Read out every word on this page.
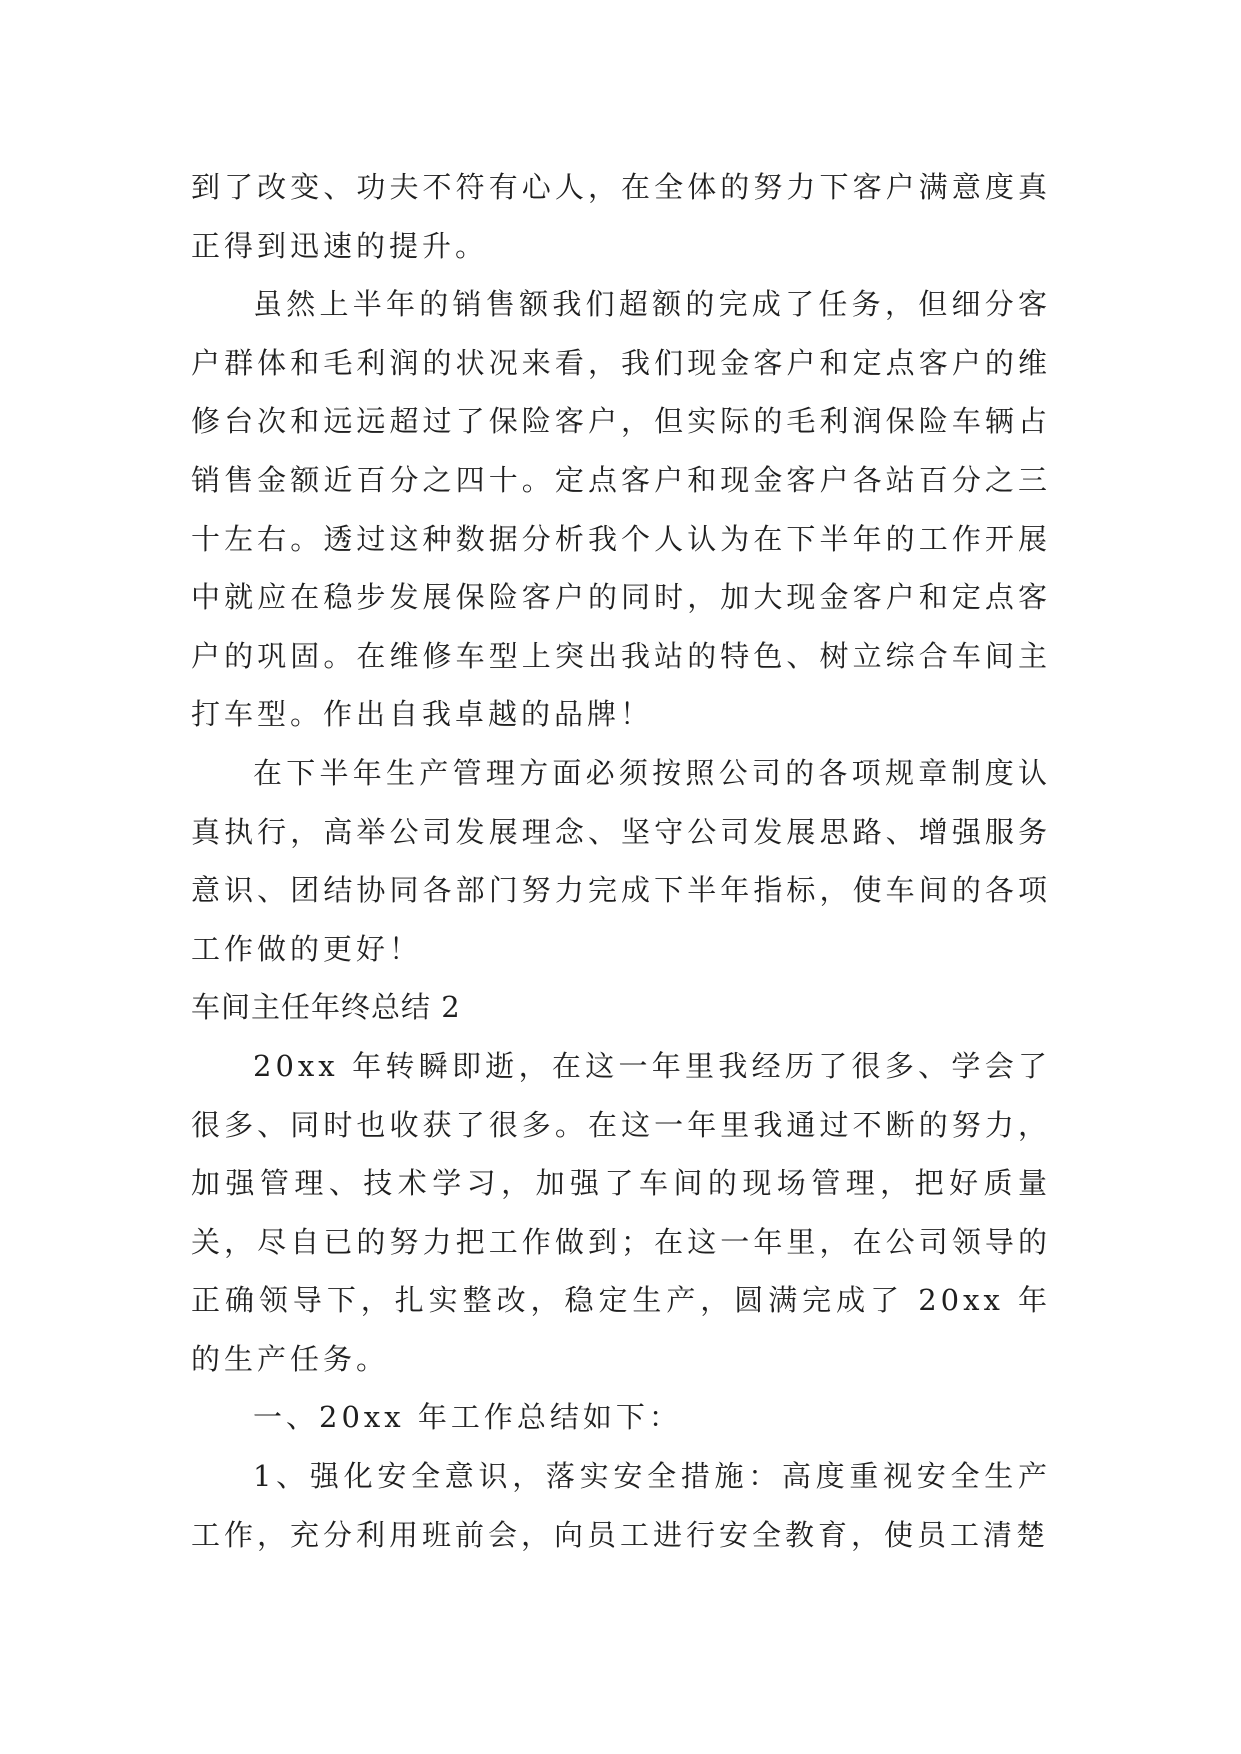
到了改变、功夫不符有心人，在全体的努力下客户满意度真正得到迅速的提升。

虽然上半年的销售额我们超额的完成了任务，但细分客户群体和毛利润的状况来看，我们现金客户和定点客户的维修台次和远远超过了保险客户，但实际的毛利润保险车辆占销售金额近百分之四十。定点客户和现金客户各站百分之三十左右。透过这种数据分析我个人认为在下半年的工作开展中就应在稳步发展保险客户的同时，加大现金客户和定点客户的巩固。在维修车型上突出我站的特色、树立综合车间主打车型。作出自我卓越的品牌！

在下半年生产管理方面必须按照公司的各项规章制度认真执行，高举公司发展理念、坚守公司发展思路、增强服务意识、团结协同各部门努力完成下半年指标，使车间的各项工作做的更好！

车间主任年终总结 2

20xx 年转瞬即逝，在这一年里我经历了很多、学会了很多、同时也收获了很多。在这一年里我通过不断的努力，加强管理、技术学习，加强了车间的现场管理，把好质量关，尽自已的努力把工作做到；在这一年里，在公司领导的正确领导下，扎实整改，稳定生产，圆满完成了 20xx 年的生产任务。

一、20xx 年工作总结如下：

1、强化安全意识，落实安全措施：高度重视安全生产工作，充分利用班前会，向员工进行安全教育，使员工清楚
